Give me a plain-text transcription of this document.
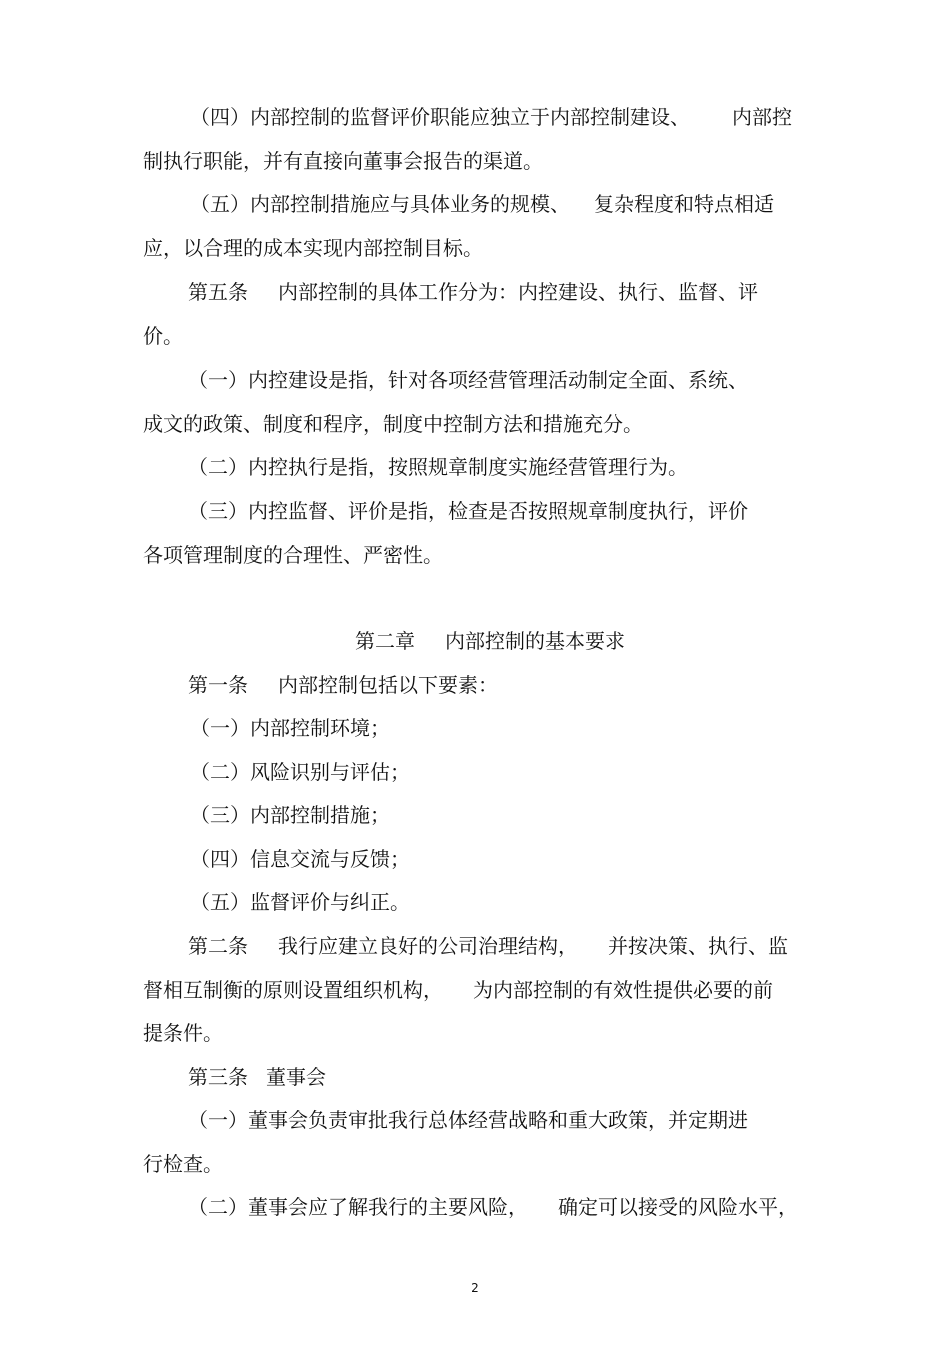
（四）内部控制的监督评价职能应独立于内部控制建设、 内部控
制执行职能，并有直接向董事会报告的渠道。
（五）内部控制措施应与具体业务的规模、 复杂程度和特点相适
应，以合理的成本实现内部控制目标。
第五条 内部控制的具体工作分为：内控建设、执行、监督、评
价。
（一）内控建设是指，针对各项经营管理活动制定全面、系统、
成文的政策、制度和程序，制度中控制方法和措施充分。
（二）内控执行是指，按照规章制度实施经营管理行为。
（三）内控监督、评价是指，检查是否按照规章制度执行，评价
各项管理制度的合理性、严密性。
第二章 内部控制的基本要求
第一条 内部控制包括以下要素：
（一）内部控制环境；
（二）风险识别与评估；
（三）内部控制措施；
（四）信息交流与反馈；
（五）监督评价与纠正。
第二条 我行应建立良好的公司治理结构， 并按决策、执行、监
督相互制衡的原则设置组织机构， 为内部控制的有效性提供必要的前
提条件。
第三条 董事会
（一）董事会负责审批我行总体经营战略和重大政策，并定期进
行检查。
（二）董事会应了解我行的主要风险， 确定可以接受的风险水平，
2
